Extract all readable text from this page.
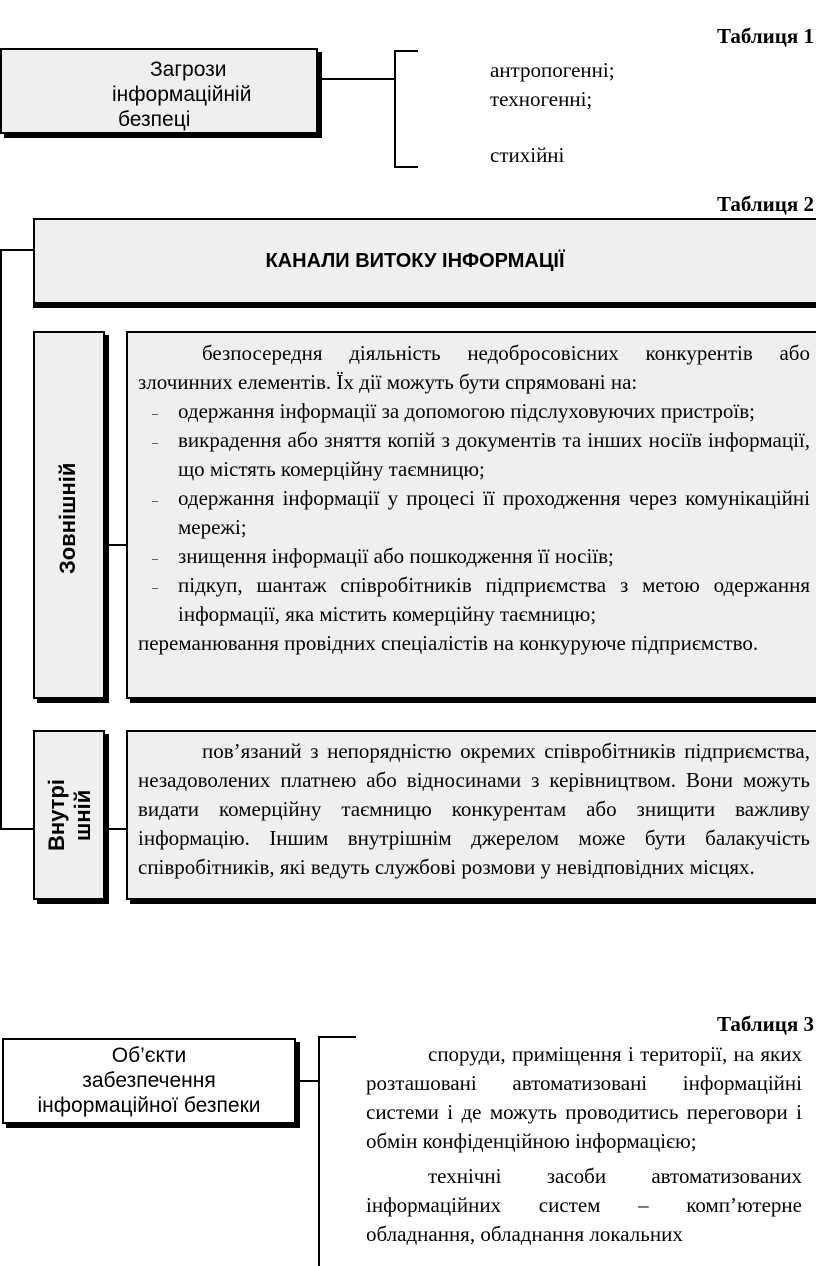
Таблиця 1
Загрози
інформаційній
безпеці
антропогенні;
техногенні;
стихійні
Таблиця 2
КАНАЛИ ВИТОКУ ІНФОРМАЦІЇ
Зовнішній
безпосередня діяльність недобросовісних конкурентів або злочинних елементів. Їх дії можуть бути спрямовані на:
– одержання інформації за допомогою підслуховуючих пристроїв;
– викрадення або зняття копій з документів та інших носіїв інформації, що містять комерційну таємницю;
– одержання інформації у процесі її проходження через комунікаційні мережі;
– знищення інформації або пошкодження її носіїв;
– підкуп, шантаж співробітників підприємства з метою одержання інформації, яка містить комерційну таємницю;
переманювання провідних спеціалістів на конкуруюче підприємство.
Внутрі шній
пов’язаний з непорядністю окремих співробітників підприємства, незадоволених платнею або відносинами з керівництвом. Вони можуть видати комерційну таємницю конкурентам або знищити важливу інформацію. Іншим внутрішнім джерелом може бути балакучість співробітників, які ведуть службові розмови у невідповідних місцях.
Таблиця 3
Об’єкти
забезпечення
інформаційної безпеки
споруди, приміщення і території, на яких розташовані автоматизовані інформаційні системи і де можуть проводитись переговори і обмін конфіденційною інформацією;
технічні засоби автоматизованих інформаційних систем – комп’ютерне обладнання, обладнання локальних
